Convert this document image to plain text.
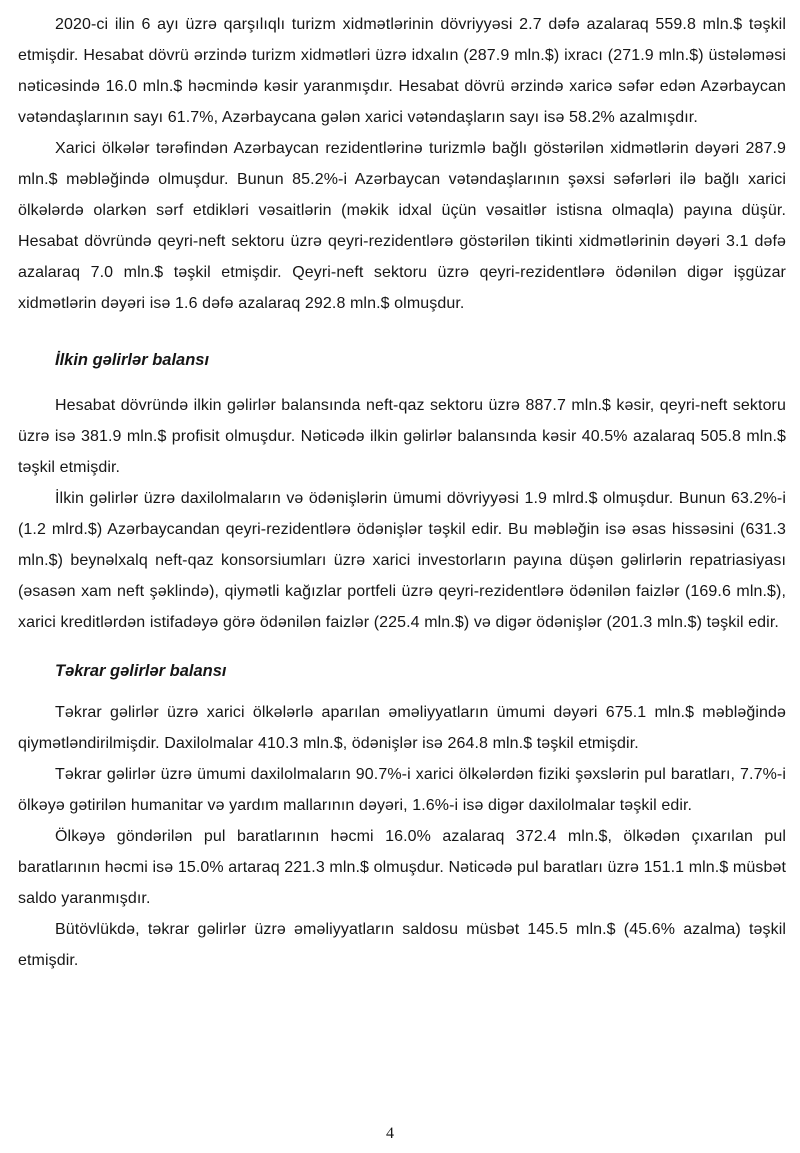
2020-ci ilin 6 ayı üzrə qarşılıqlı turizm xidmətlərinin dövriyyəsi 2.7 dəfə azalaraq 559.8 mln.$ təşkil etmişdir. Hesabat dövrü ərzində turizm xidmətləri üzrə idxalın (287.9 mln.$) ixracı (271.9 mln.$) üstələməsi nəticəsində 16.0 mln.$ həcmində kəsir yaranmışdır. Hesabat dövrü ərzində xaricə səfər edən Azərbaycan vətəndaşlarının sayı 61.7%, Azərbaycana gələn xarici vətəndaşların sayı isə 58.2% azalmışdır.

Xarici ölkələr tərəfindən Azərbaycan rezidentlərinə turizmlə bağlı göstərilən xidmətlərin dəyəri 287.9 mln.$ məbləğində olmuşdur. Bunun 85.2%-i Azərbaycan vətəndaşlarının şəxsi səfərləri ilə bağlı xarici ölkələrdə olarkən sərf etdikləri vəsaitlərin (məkik idxal üçün vəsaitlər istisna olmaqla) payına düşür. Hesabat dövründə qeyri-neft sektoru üzrə qeyri-rezidentlərə göstərilən tikinti xidmətlərinin dəyəri 3.1 dəfə azalaraq 7.0 mln.$ təşkil etmişdir. Qeyri-neft sektoru üzrə qeyri-rezidentlərə ödənilən digər işgüzar xidmətlərin dəyəri isə 1.6 dəfə azalaraq 292.8 mln.$ olmuşdur.

İlkin gəlirlər balansı

Hesabat dövründə ilkin gəlirlər balansında neft-qaz sektoru üzrə 887.7 mln.$ kəsir, qeyri-neft sektoru üzrə isə 381.9 mln.$ profisit olmuşdur. Nəticədə ilkin gəlirlər balansında kəsir 40.5% azalaraq 505.8 mln.$ təşkil etmişdir.

İlkin gəlirlər üzrə daxilolmaların və ödənişlərin ümumi dövriyyəsi 1.9 mlrd.$ olmuşdur. Bunun 63.2%-i (1.2 mlrd.$) Azərbaycandan qeyri-rezidentlərə ödənişlər təşkil edir. Bu məbləğin isə əsas hissəsini (631.3 mln.$) beynəlxalq neft-qaz konsorsiumları üzrə xarici investorların payına düşən gəlirlərin repatriasiyası (əsasən xam neft şəklində), qiymətli kağızlar portfeli üzrə qeyri-rezidentlərə ödənilən faizlər (169.6 mln.$), xarici kreditlərdən istifadəyə görə ödənilən faizlər (225.4 mln.$) və digər ödənişlər (201.3 mln.$) təşkil edir.

Təkrar gəlirlər balansı

Təkrar gəlirlər üzrə xarici ölkələrlə aparılan əməliyyatların ümumi dəyəri 675.1 mln.$ məbləğində qiymətləndirilmişdir. Daxilolmalar 410.3 mln.$, ödənişlər isə 264.8 mln.$ təşkil etmişdir.

Təkrar gəlirlər üzrə ümumi daxilolmaların 90.7%-i xarici ölkələrdən fiziki şəxslərin pul baratları, 7.7%-i ölkəyə gətirilən humanitar və yardım mallarının dəyəri, 1.6%-i isə digər daxilolmalar təşkil edir.

Ölkəyə göndərilən pul baratlarının həcmi 16.0% azalaraq 372.4 mln.$, ölkədən çıxarılan pul baratlarının həcmi isə 15.0% artaraq 221.3 mln.$ olmuşdur. Nəticədə pul baratları üzrə 151.1 mln.$ müsbət saldo yaranmışdır.

Bütövlükdə, təkrar gəlirlər üzrə əməliyyatların saldosu müsbət 145.5 mln.$ (45.6% azalma) təşkil etmişdir.

4
